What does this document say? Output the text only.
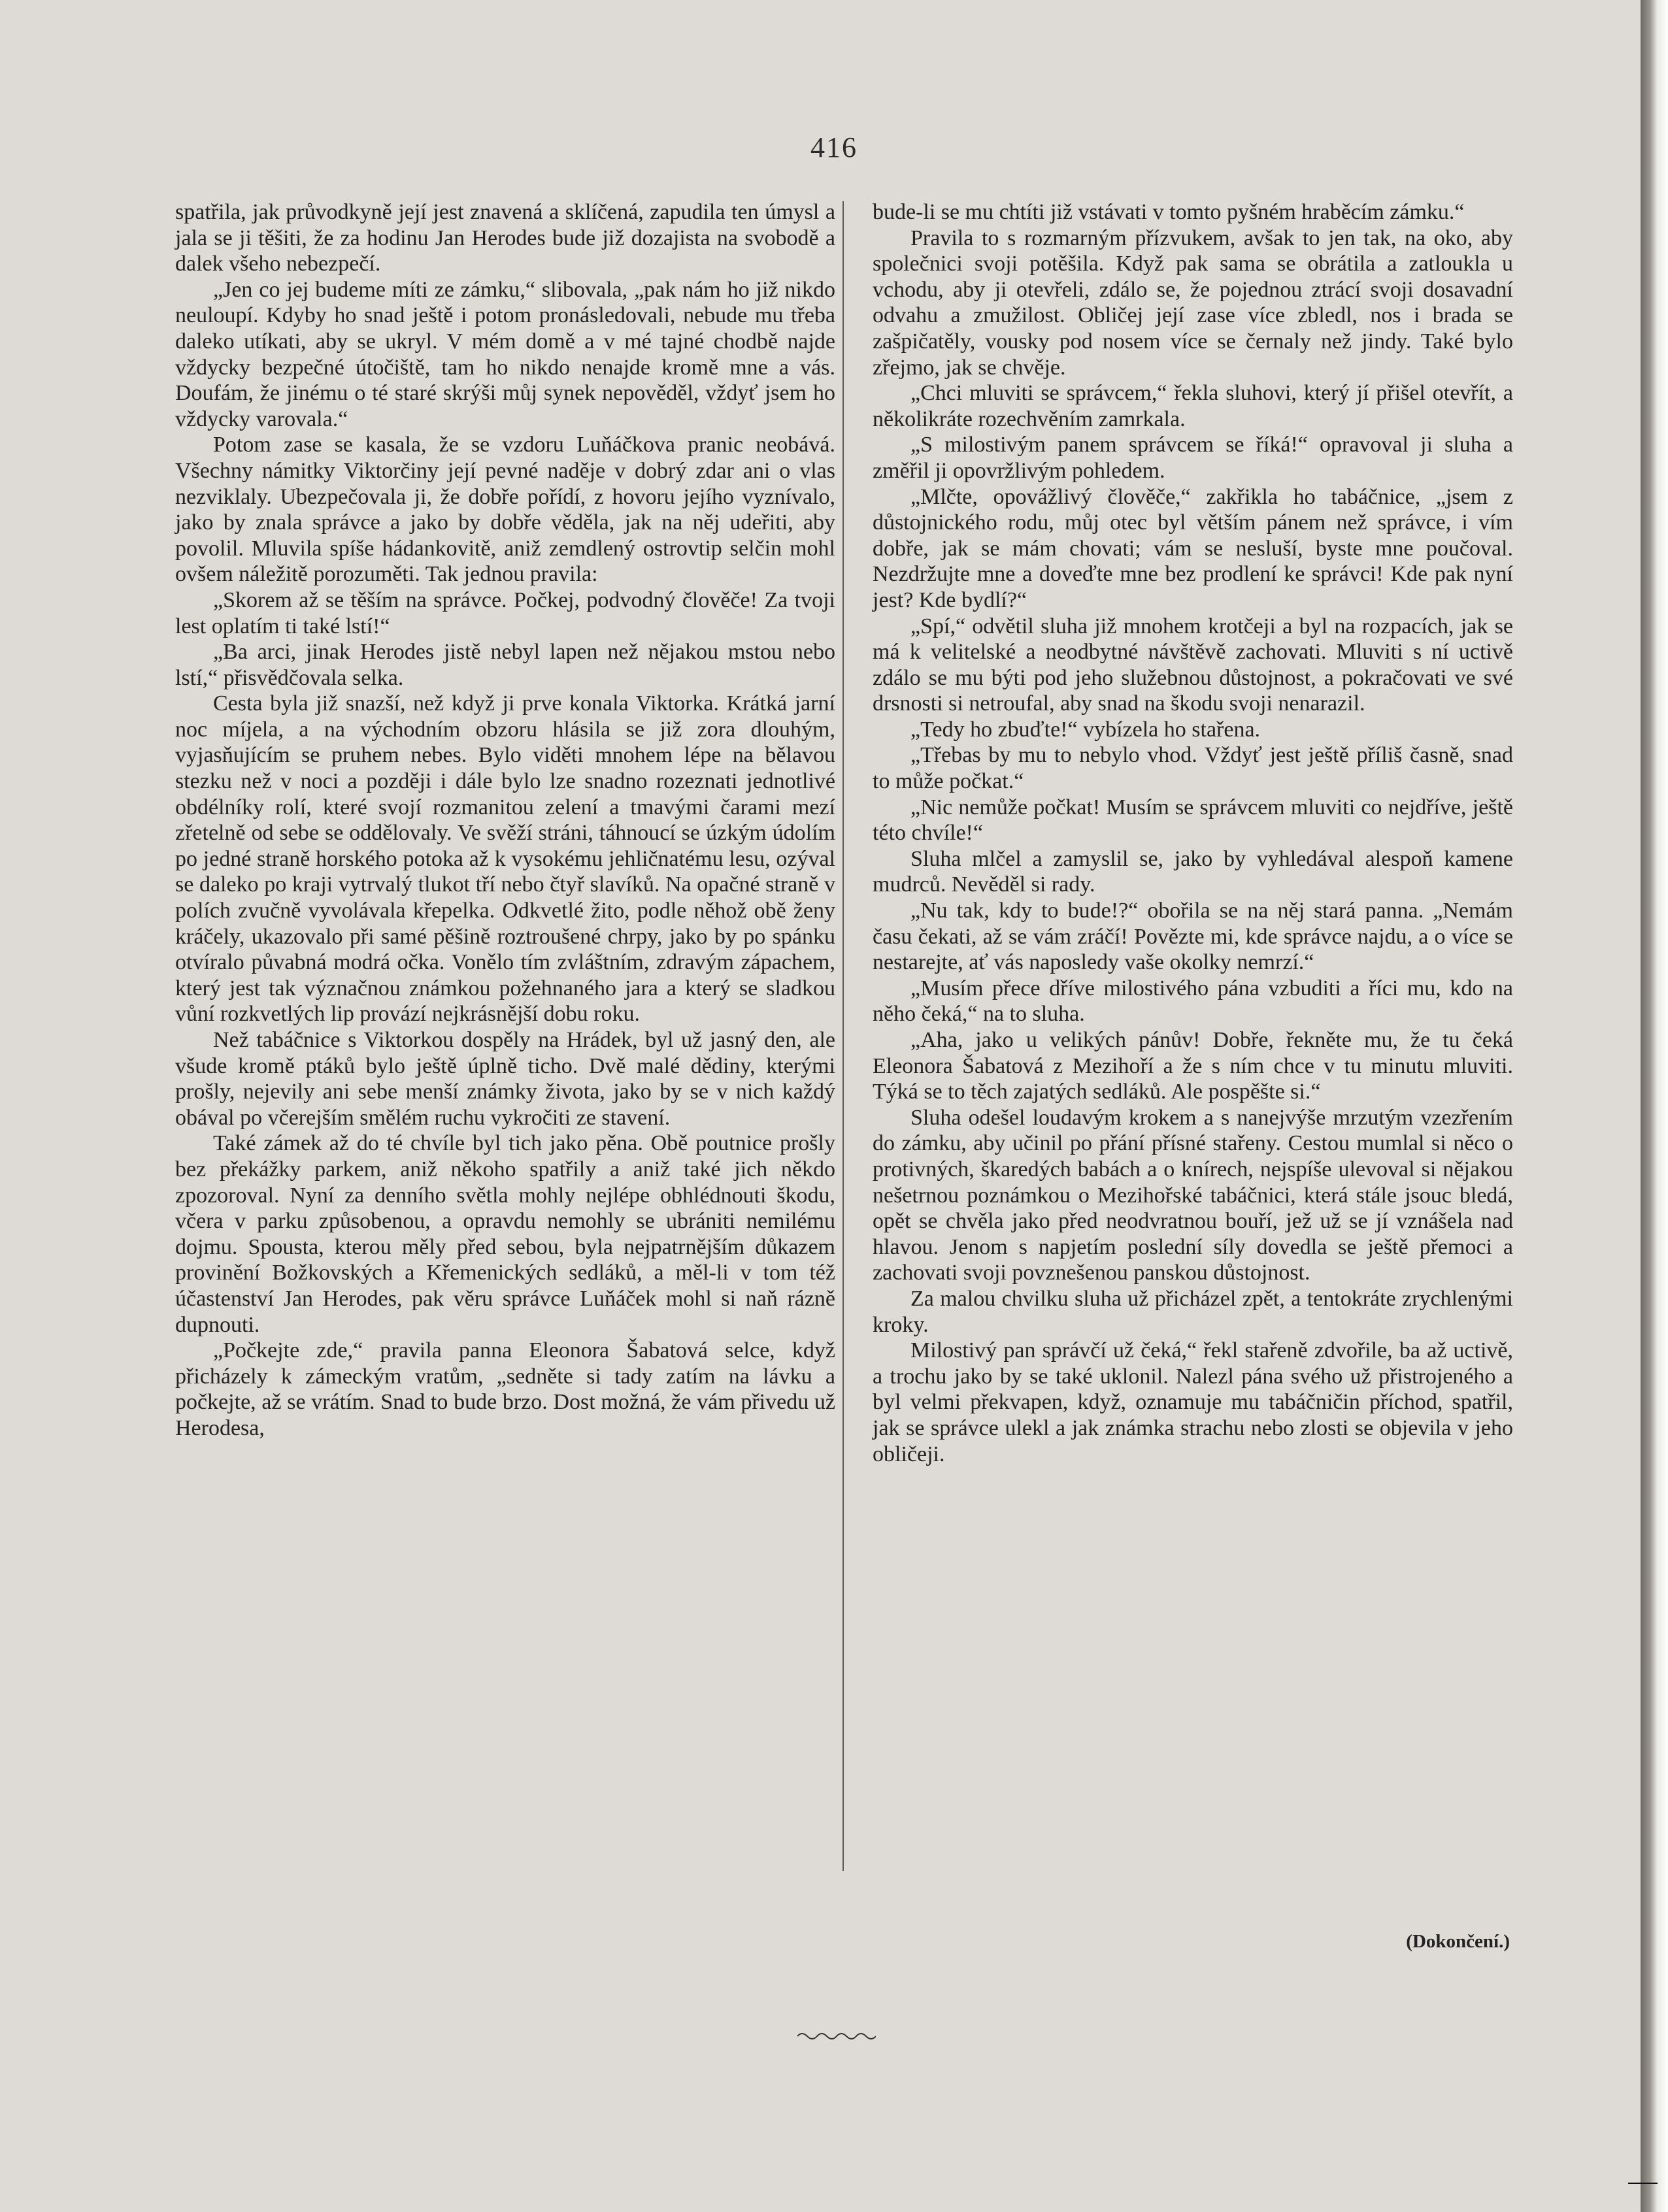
416

spatřila, jak průvodkyně její jest znavená a sklíčená, zapudila ten úmysl a jala se ji těšiti, že za hodinu Jan Herodes bude již dozajista na svobodě a dalek všeho nebezpečí.

„Jen co jej budeme míti ze zámku,“ slibovala, „pak nám ho již nikdo neuloupí. Kdyby ho snad ještě i potom pronásledovali, nebude mu třeba daleko utíkati, aby se ukryl. V mém domě a v mé tajné chodbě najde vždycky bezpečné útočiště, tam ho nikdo nenajde kromě mne a vás. Doufám, že jinému o té staré skrýši můj synek nepověděl, vždyť jsem ho vždycky varovala.“

Potom zase se kasala, že se vzdoru Luňáčkova pranic neobává. Všechny námitky Viktorčiny její pevné naděje v dobrý zdar ani o vlas nezviklaly. Ubezpečovala ji, že dobře pořídí, z hovoru jejího vyznívalo, jako by znala správce a jako by dobře věděla, jak na něj udeřiti, aby povolil. Mluvila spíše hádankovitě, aniž zemdlený ostrovtip selčin mohl ovšem náležitě porozuměti. Tak jednou pravila:

„Skorem až se těším na správce. Počkej, podvodný člověče! Za tvoji lest oplatím ti také lstí!“

„Ba arci, jinak Herodes jistě nebyl lapen než nějakou mstou nebo lstí,“ přisvědčovala selka.

Cesta byla již snazší, než když ji prve konala Viktorka. Krátká jarní noc míjela, a na východním obzoru hlásila se již zora dlouhým, vyjasňujícím se pruhem nebes. Bylo viděti mnohem lépe na bělavou stezku než v noci a později i dále bylo lze snadno rozeznati jednotlivé obdélníky rolí, které svojí rozmanitou zelení a tmavými čarami mezí zřetelně od sebe se oddělovaly. Ve svěží stráni, táhnoucí se úzkým údolím po jedné straně horského potoka až k vysokému jehličnatému lesu, ozýval se daleko po kraji vytrvalý tlukot tří nebo čtyř slavíků. Na opačné straně v polích zvučně vyvolávala křepelka. Odkvetlé žito, podle něhož obě ženy kráčely, ukazovalo při samé pěšině roztroušené chrpy, jako by po spánku otvíralo půvabná modrá očka. Vonělo tím zvláštním, zdravým zápachem, který jest tak význačnou známkou požehnaného jara a který se sladkou vůní rozkvetlých lip provází nejkrásnější dobu roku.

Než tabáčnice s Viktorkou dospěly na Hrádek, byl už jasný den, ale všude kromě ptáků bylo ještě úplně ticho. Dvě malé dědiny, kterými prošly, nejevily ani sebe menší známky života, jako by se v nich každý obával po včerejším smělém ruchu vykročiti ze stavení.

Také zámek až do té chvíle byl tich jako pěna. Obě poutnice prošly bez překážky parkem, aniž někoho spatřily a aniž také jich někdo zpozoroval. Nyní za denního světla mohly nejlépe obhlédnouti škodu, včera v parku způsobenou, a opravdu nemohly se ubrániti nemilému dojmu. Spousta, kterou měly před sebou, byla nejpatrnějším důkazem provinění Božkovských a Křemenických sedláků, a měl-li v tom též účastenství Jan Herodes, pak věru správce Luňáček mohl si naň rázně dupnouti.

„Počkejte zde,“ pravila panna Eleonora Šabatová selce, když přicházely k zámeckým vratům, „sedněte si tady zatím na lávku a počkejte, až se vrátím. Snad to bude brzo. Dost možná, že vám přivedu už Herodesa,

bude-li se mu chtíti již vstávati v tomto pyšném hraběcím zámku.“

Pravila to s rozmarným přízvukem, avšak to jen tak, na oko, aby společnici svoji potěšila. Když pak sama se obrátila a zatloukla u vchodu, aby ji otevřeli, zdálo se, že pojednou ztrácí svoji dosavadní odvahu a zmužilost. Obličej její zase více zbledl, nos i brada se zašpičatěly, vousky pod nosem více se černaly než jindy. Také bylo zřejmo, jak se chvěje.

„Chci mluviti se správcem,“ řekla sluhovi, který jí přišel otevřít, a několikráte rozechvěním zamrkala.

„S milostivým panem správcem se říká!“ opravoval ji sluha a změřil ji opovržlivým pohledem.

„Mlčte, opovážlivý člověče,“ zakřikla ho tabáčnice, „jsem z důstojnického rodu, můj otec byl větším pánem než správce, i vím dobře, jak se mám chovati; vám se nesluší, byste mne poučoval. Nezdržujte mne a doveďte mne bez prodlení ke správci! Kde pak nyní jest? Kde bydlí?“

„Spí,“ odvětil sluha již mnohem krotčeji a byl na rozpacích, jak se má k velitelské a neodbytné návštěvě zachovati. Mluviti s ní uctivě zdálo se mu býti pod jeho služebnou důstojnost, a pokračovati ve své drsnosti si netroufal, aby snad na škodu svoji nenarazil.

„Tedy ho zbuďte!“ vybízela ho stařena.

„Třebas by mu to nebylo vhod. Vždyť jest ještě příliš časně, snad to může počkat.“

„Nic nemůže počkat! Musím se správcem mluviti co nejdříve, ještě této chvíle!“

Sluha mlčel a zamyslil se, jako by vyhledával alespoň kamene mudrců. Nevěděl si rady.

„Nu tak, kdy to bude!?“ obořila se na něj stará panna. „Nemám času čekati, až se vám zráčí! Povězte mi, kde správce najdu, a o více se nestarejte, ať vás naposledy vaše okolky nemrzí.“

„Musím přece dříve milostivého pána vzbuditi a říci mu, kdo na něho čeká,“ na to sluha.

„Aha, jako u velikých pánův! Dobře, řekněte mu, že tu čeká Eleonora Šabatová z Mezihoří a že s ním chce v tu minutu mluviti. Týká se to těch zajatých sedláků. Ale pospěšte si.“

Sluha odešel loudavým krokem a s nanejvýše mrzutým vzezřením do zámku, aby učinil po přání přísné stařeny. Cestou mumlal si něco o protivných, škaredých babách a o knírech, nejspíše ulevoval si nějakou nešetrnou poznámkou o Mezihořské tabáčnici, která stále jsouc bledá, opět se chvěla jako před neodvratnou bouří, jež už se jí vznášela nad hlavou. Jenom s napjetím poslední síly dovedla se ještě přemoci a zachovati svoji povznešenou panskou důstojnost.

Za malou chvilku sluha už přicházel zpět, a tentokráte zrychlenými kroky.

Milostivý pan správčí už čeká,“ řekl stařeně zdvořile, ba až uctivě, a trochu jako by se také uklonil. Nalezl pána svého už přistrojeného a byl velmi překvapen, když, oznamuje mu tabáčničin příchod, spatřil, jak se správce ulekl a jak známka strachu nebo zlosti se objevila v jeho obličeji.

(Dokončení.)
